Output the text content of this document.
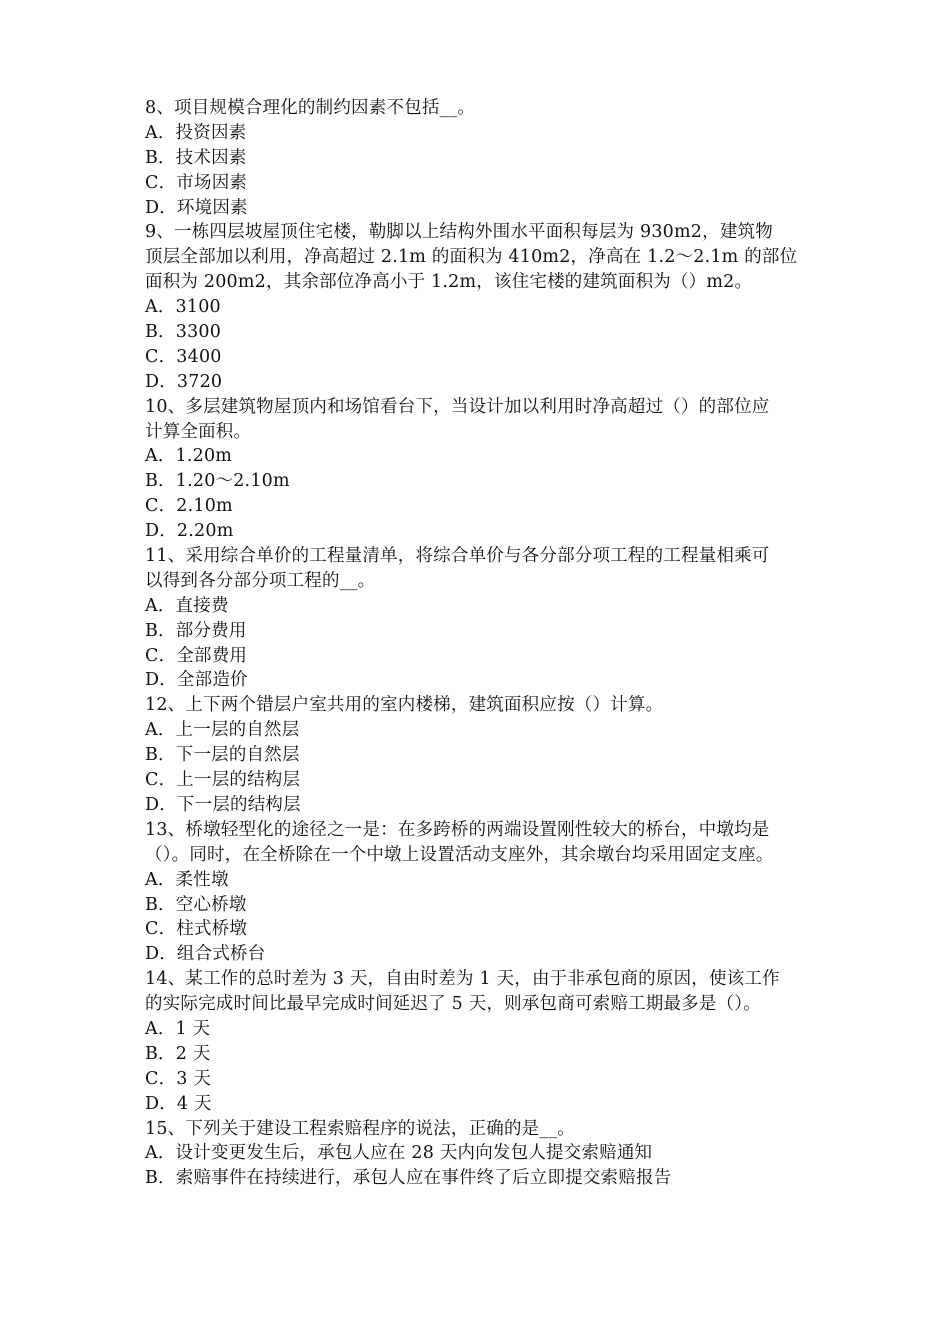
8、项目规模合理化的制约因素不包括__。
A．投资因素
B．技术因素
C．市场因素
D．环境因素
9、一栋四层坡屋顶住宅楼，勒脚以上结构外围水平面积每层为 930m2，建筑物
顶层全部加以利用，净高超过 2.1m 的面积为 410m2，净高在 1.2～2.1m 的部位
面积为 200m2，其余部位净高小于 1.2m，该住宅楼的建筑面积为（）m2。
A．3100
B．3300
C．3400
D．3720
10、多层建筑物屋顶内和场馆看台下，当设计加以利用时净高超过（）的部位应
计算全面积。
A．1.20m
B．1.20～2.10m
C．2.10m
D．2.20m
11、采用综合单价的工程量清单，将综合单价与各分部分项工程的工程量相乘可
以得到各分部分项工程的__。
A．直接费
B．部分费用
C．全部费用
D．全部造价
12、上下两个错层户室共用的室内楼梯，建筑面积应按（）计算。
A．上一层的自然层
B．下一层的自然层
C．上一层的结构层
D．下一层的结构层
13、桥墩轻型化的途径之一是：在多跨桥的两端设置刚性较大的桥台，中墩均是
（）。同时，在全桥除在一个中墩上设置活动支座外，其余墩台均采用固定支座。
A．柔性墩
B．空心桥墩
C．柱式桥墩
D．组合式桥台
14、某工作的总时差为 3 天，自由时差为 1 天，由于非承包商的原因，使该工作
的实际完成时间比最早完成时间延迟了 5 天，则承包商可索赔工期最多是（）。
A．1 天
B．2 天
C．3 天
D．4 天
15、下列关于建设工程索赔程序的说法，正确的是__。
A．设计变更发生后，承包人应在 28 天内向发包人提交索赔通知
B．索赔事件在持续进行，承包人应在事件终了后立即提交索赔报告
